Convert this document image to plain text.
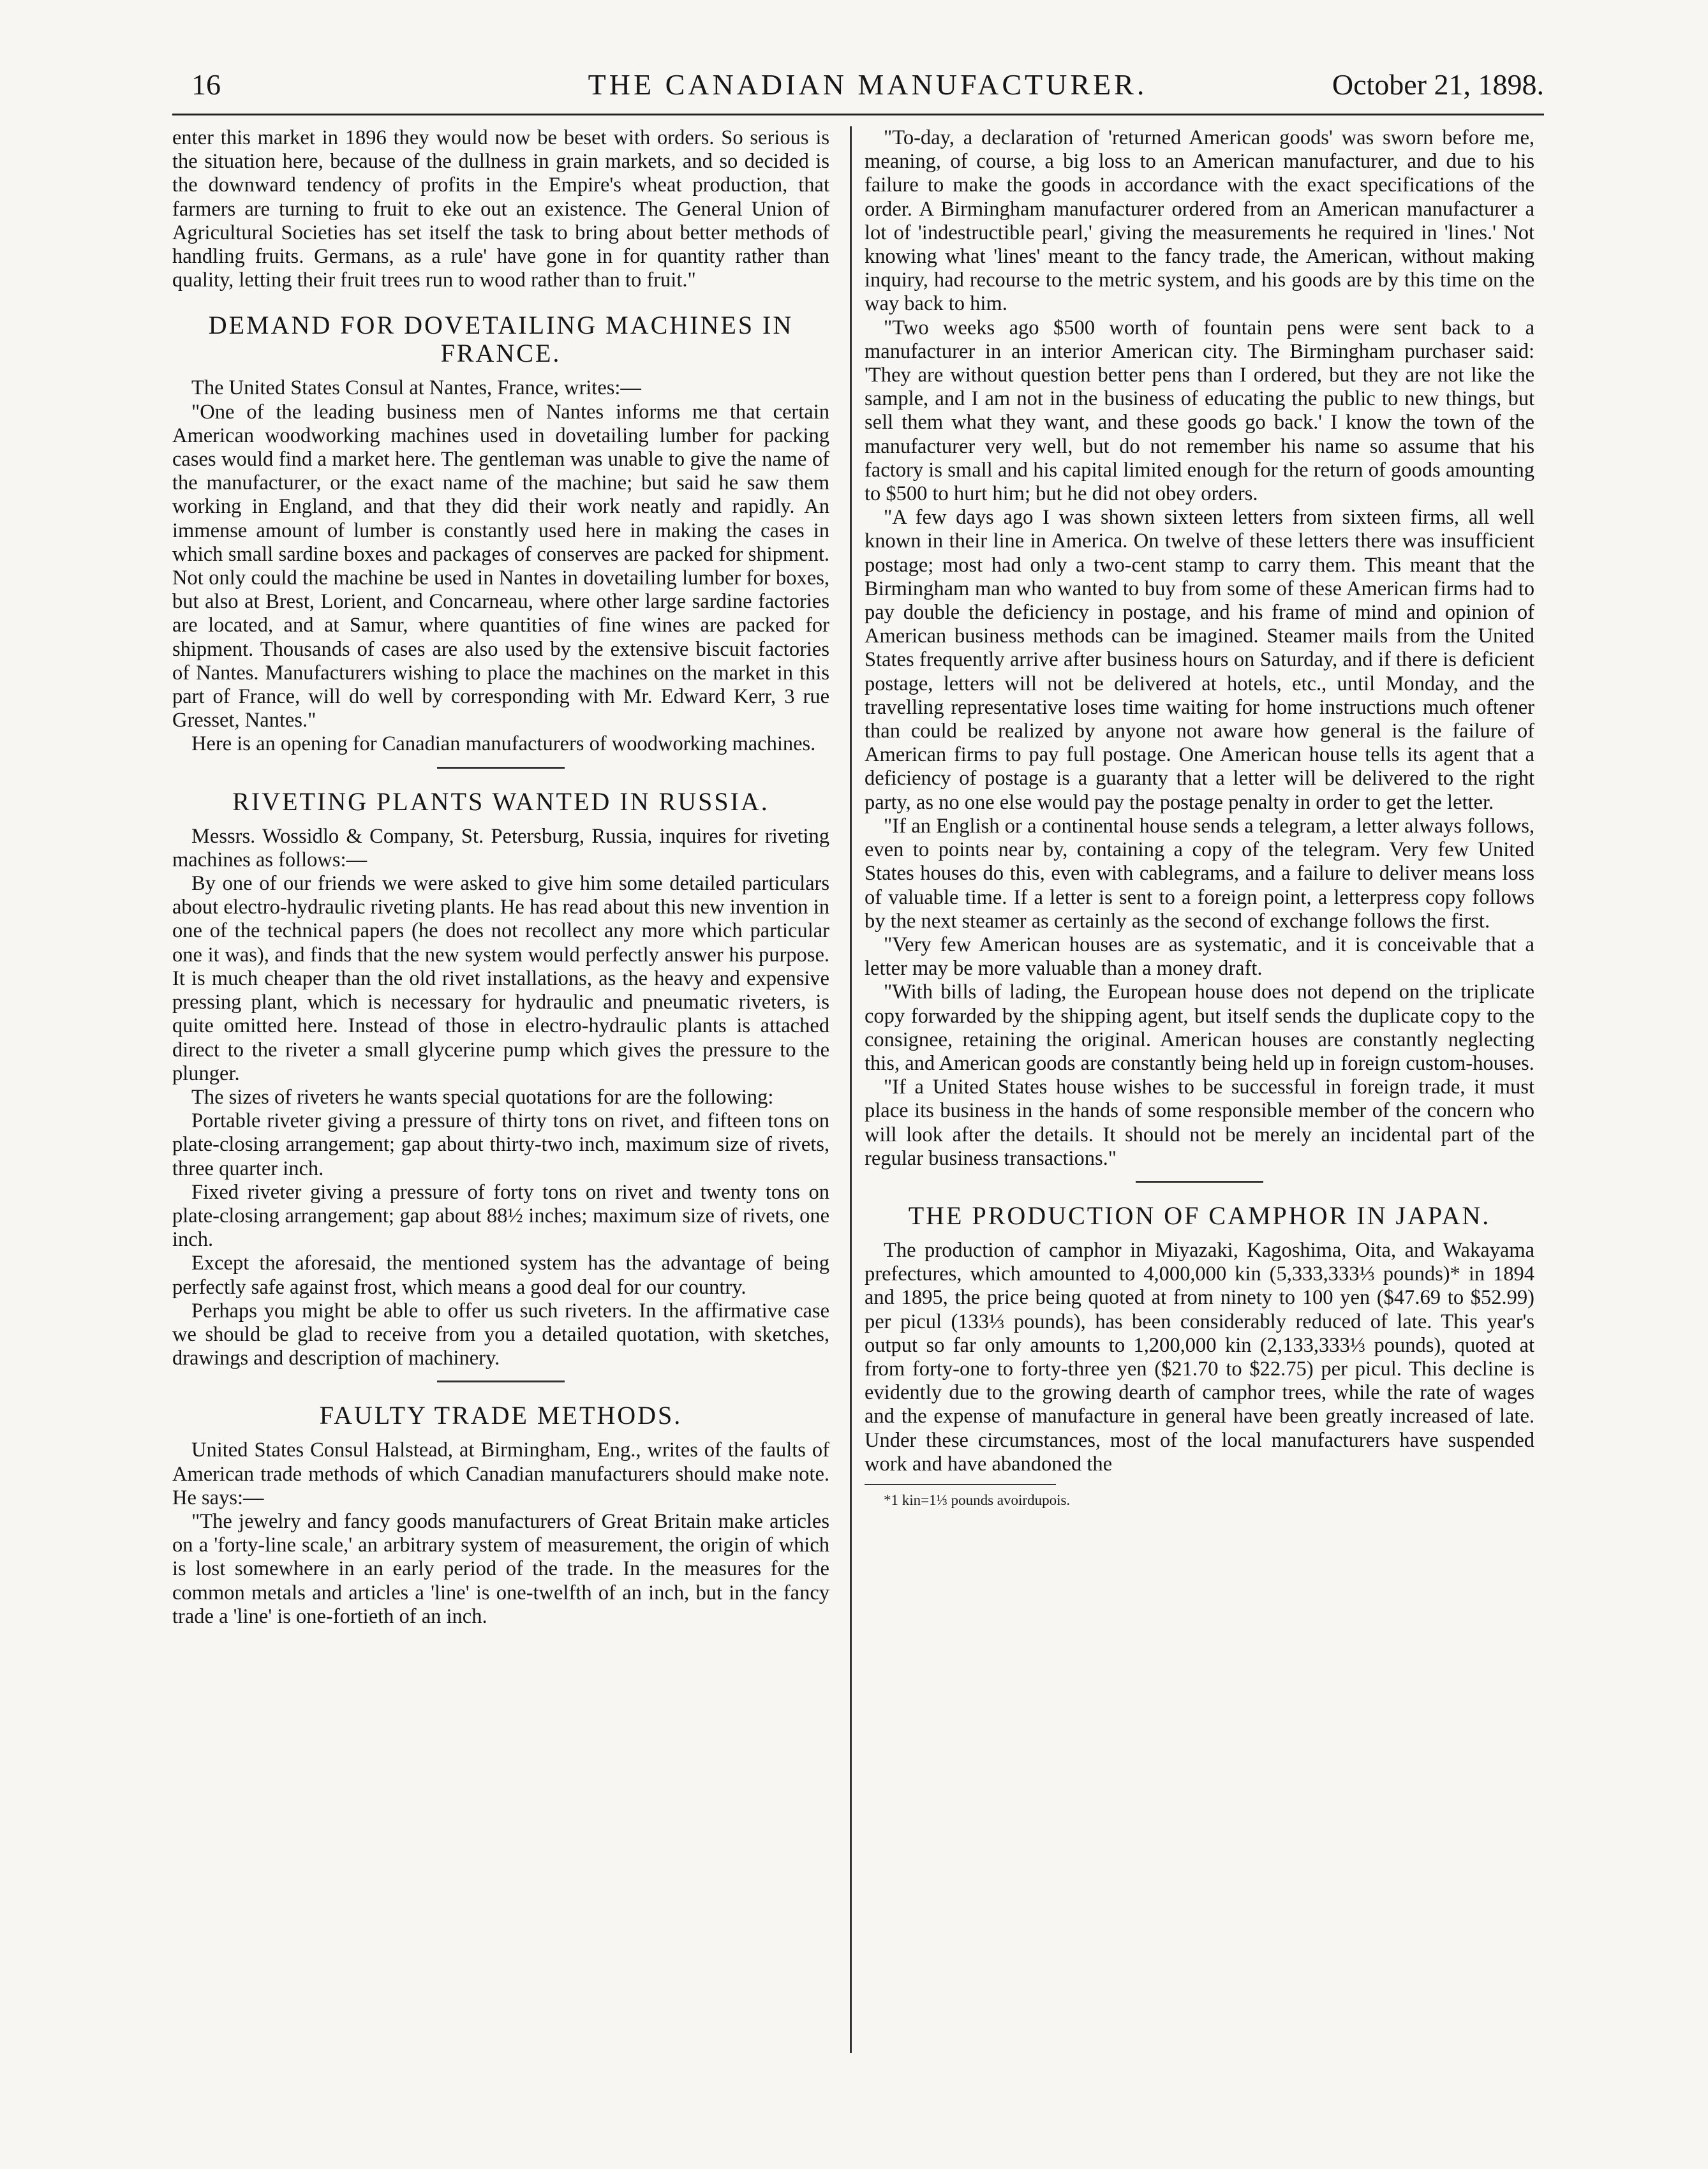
16	THE CANADIAN MANUFACTURER.	October 21, 1898.

enter this market in 1896 they would now be beset with orders. So serious is the situation here, because of the dullness in grain markets, and so decided is the downward tendency of profits in the Empire's wheat production, that farmers are turning to fruit to eke out an existence. The General Union of Agricultural Societies has set itself the task to bring about better methods of handling fruits. Germans, as a rule' have gone in for quantity rather than quality, letting their fruit trees run to wood rather than to fruit."

DEMAND FOR DOVETAILING MACHINES IN FRANCE.

The United States Consul at Nantes, France, writes:—

"One of the leading business men of Nantes informs me that certain American woodworking machines used in dovetailing lumber for packing cases would find a market here. The gentleman was unable to give the name of the manufacturer, or the exact name of the machine; but said he saw them working in England, and that they did their work neatly and rapidly. An immense amount of lumber is constantly used here in making the cases in which small sardine boxes and packages of conserves are packed for shipment. Not only could the machine be used in Nantes in dovetailing lumber for boxes, but also at Brest, Lorient, and Concarneau, where other large sardine factories are located, and at Samur, where quantities of fine wines are packed for shipment. Thousands of cases are also used by the extensive biscuit factories of Nantes. Manufacturers wishing to place the machines on the market in this part of France, will do well by corresponding with Mr. Edward Kerr, 3 rue Gresset, Nantes."

Here is an opening for Canadian manufacturers of woodworking machines.

RIVETING PLANTS WANTED IN RUSSIA.

Messrs. Wossidlo & Company, St. Petersburg, Russia, inquires for riveting machines as follows:—

By one of our friends we were asked to give him some detailed particulars about electro-hydraulic riveting plants. He has read about this new invention in one of the technical papers (he does not recollect any more which particular one it was), and finds that the new system would perfectly answer his purpose. It is much cheaper than the old rivet installations, as the heavy and expensive pressing plant, which is necessary for hydraulic and pneumatic riveters, is quite omitted here. Instead of those in electro-hydraulic plants is attached direct to the riveter a small glycerine pump which gives the pressure to the plunger.

The sizes of riveters he wants special quotations for are the following:

Portable riveter giving a pressure of thirty tons on rivet, and fifteen tons on plate-closing arrangement; gap about thirty-two inch, maximum size of rivets, three quarter inch.

Fixed riveter giving a pressure of forty tons on rivet and twenty tons on plate-closing arrangement; gap about 88½ inches; maximum size of rivets, one inch.

Except the aforesaid, the mentioned system has the advantage of being perfectly safe against frost, which means a good deal for our country.

Perhaps you might be able to offer us such riveters. In the affirmative case we should be glad to receive from you a detailed quotation, with sketches, drawings and description of machinery.

FAULTY TRADE METHODS.

United States Consul Halstead, at Birmingham, Eng., writes of the faults of American trade methods of which Canadian manufacturers should make note. He says:—

"The jewelry and fancy goods manufacturers of Great Britain make articles on a 'forty-line scale,' an arbitrary system of measurement, the origin of which is lost somewhere in an early period of the trade. In the measures for the common metals and articles a 'line' is one-twelfth of an inch, but in the fancy trade a 'line' is one-fortieth of an inch.

"To-day, a declaration of 'returned American goods' was sworn before me, meaning, of course, a big loss to an American manufacturer, and due to his failure to make the goods in accordance with the exact specifications of the order. A Birmingham manufacturer ordered from an American manufacturer a lot of 'indestructible pearl,' giving the measurements he required in 'lines.' Not knowing what 'lines' meant to the fancy trade, the American, without making inquiry, had recourse to the metric system, and his goods are by this time on the way back to him.

"Two weeks ago $500 worth of fountain pens were sent back to a manufacturer in an interior American city. The Birmingham purchaser said: 'They are without question better pens than I ordered, but they are not like the sample, and I am not in the business of educating the public to new things, but sell them what they want, and these goods go back.' I know the town of the manufacturer very well, but do not remember his name so assume that his factory is small and his capital limited enough for the return of goods amounting to $500 to hurt him; but he did not obey orders.

"A few days ago I was shown sixteen letters from sixteen firms, all well known in their line in America. On twelve of these letters there was insufficient postage; most had only a two-cent stamp to carry them. This meant that the Birmingham man who wanted to buy from some of these American firms had to pay double the deficiency in postage, and his frame of mind and opinion of American business methods can be imagined. Steamer mails from the United States frequently arrive after business hours on Saturday, and if there is deficient postage, letters will not be delivered at hotels, etc., until Monday, and the travelling representative loses time waiting for home instructions much oftener than could be realized by anyone not aware how general is the failure of American firms to pay full postage. One American house tells its agent that a deficiency of postage is a guaranty that a letter will be delivered to the right party, as no one else would pay the postage penalty in order to get the letter.

"If an English or a continental house sends a telegram, a letter always follows, even to points near by, containing a copy of the telegram. Very few United States houses do this, even with cablegrams, and a failure to deliver means loss of valuable time. If a letter is sent to a foreign point, a letterpress copy follows by the next steamer as certainly as the second of exchange follows the first.

"Very few American houses are as systematic, and it is conceivable that a letter may be more valuable than a money draft.

"With bills of lading, the European house does not depend on the triplicate copy forwarded by the shipping agent, but itself sends the duplicate copy to the consignee, retaining the original. American houses are constantly neglecting this, and American goods are constantly being held up in foreign custom-houses.

"If a United States house wishes to be successful in foreign trade, it must place its business in the hands of some responsible member of the concern who will look after the details. It should not be merely an incidental part of the regular business transactions."

THE PRODUCTION OF CAMPHOR IN JAPAN.

The production of camphor in Miyazaki, Kagoshima, Oita, and Wakayama prefectures, which amounted to 4,000,000 kin (5,333,333⅓ pounds)* in 1894 and 1895, the price being quoted at from ninety to 100 yen ($47.69 to $52.99) per picul (133⅓ pounds), has been considerably reduced of late. This year's output so far only amounts to 1,200,000 kin (2,133,333⅓ pounds), quoted at from forty-one to forty-three yen ($21.70 to $22.75) per picul. This decline is evidently due to the growing dearth of camphor trees, while the rate of wages and the expense of manufacture in general have been greatly increased of late. Under these circumstances, most of the local manufacturers have suspended work and have abandoned the

*1 kin=1⅓ pounds avoirdupois.
